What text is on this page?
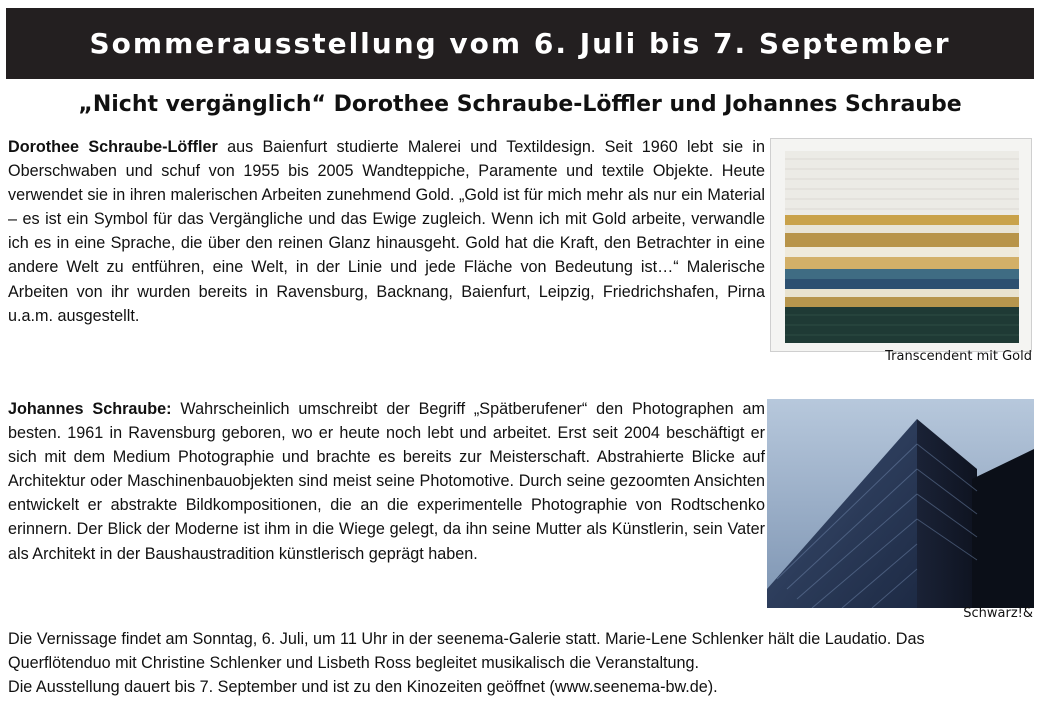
Sommerausstellung vom 6. Juli bis 7. September
„Nicht vergänglich“ Dorothee Schraube-Löffler und Johannes Schraube
Dorothee Schraube-Löffler aus Baienfurt studierte Malerei und Textildesign. Seit 1960 lebt sie in Oberschwaben und schuf von 1955 bis 2005 Wandteppiche, Paramente und textile Objekte. Heute verwendet sie in ihren malerischen Arbeiten zunehmend Gold. „Gold ist für mich mehr als nur ein Material – es ist ein Symbol für das Vergängliche und das Ewige zugleich. Wenn ich mit Gold arbeite, verwandle ich es in eine Sprache, die über den reinen Glanz hinausgeht. Gold hat die Kraft, den Betrachter in eine andere Welt zu entführen, eine Welt, in der Linie und jede Fläche von Bedeutung ist…“ Malerische Arbeiten von ihr wurden bereits in Ravensburg, Backnang, Baienfurt, Leipzig, Friedrichshafen, Pirna u.a.m. ausgestellt.
Transcendent mit Gold
Johannes Schraube: Wahrscheinlich umschreibt der Begriff „Spätberufener“ den Photographen am besten. 1961 in Ravensburg geboren, wo er heute noch lebt und arbeitet. Erst seit 2004 beschäftigt er sich mit dem Medium Photographie und brachte es bereits zur Meisterschaft. Abstrahierte Blicke auf Architektur oder Maschinenbauobjekten sind meist seine Photomotive. Durch seine gezoomten Ansichten entwickelt er abstrakte Bildkompositionen, die an die experimentelle Photographie von Rodtschenko erinnern. Der Blick der Moderne ist ihm in die Wiege gelegt, da ihn seine Mutter als Künstlerin, sein Vater als Architekt in der Baushaustradition künstlerisch geprägt haben.
Schwarz!&
Die Vernissage findet am Sonntag, 6. Juli, um 11 Uhr in der seenema-Galerie statt. Marie-Lene Schlenker hält die Laudatio. Das Querflötenduo mit Christine Schlenker und Lisbeth Ross begleitet musikalisch die Veranstaltung.
Die Ausstellung dauert bis 7. September und ist zu den Kinozeiten geöffnet (www.seenema-bw.de).
